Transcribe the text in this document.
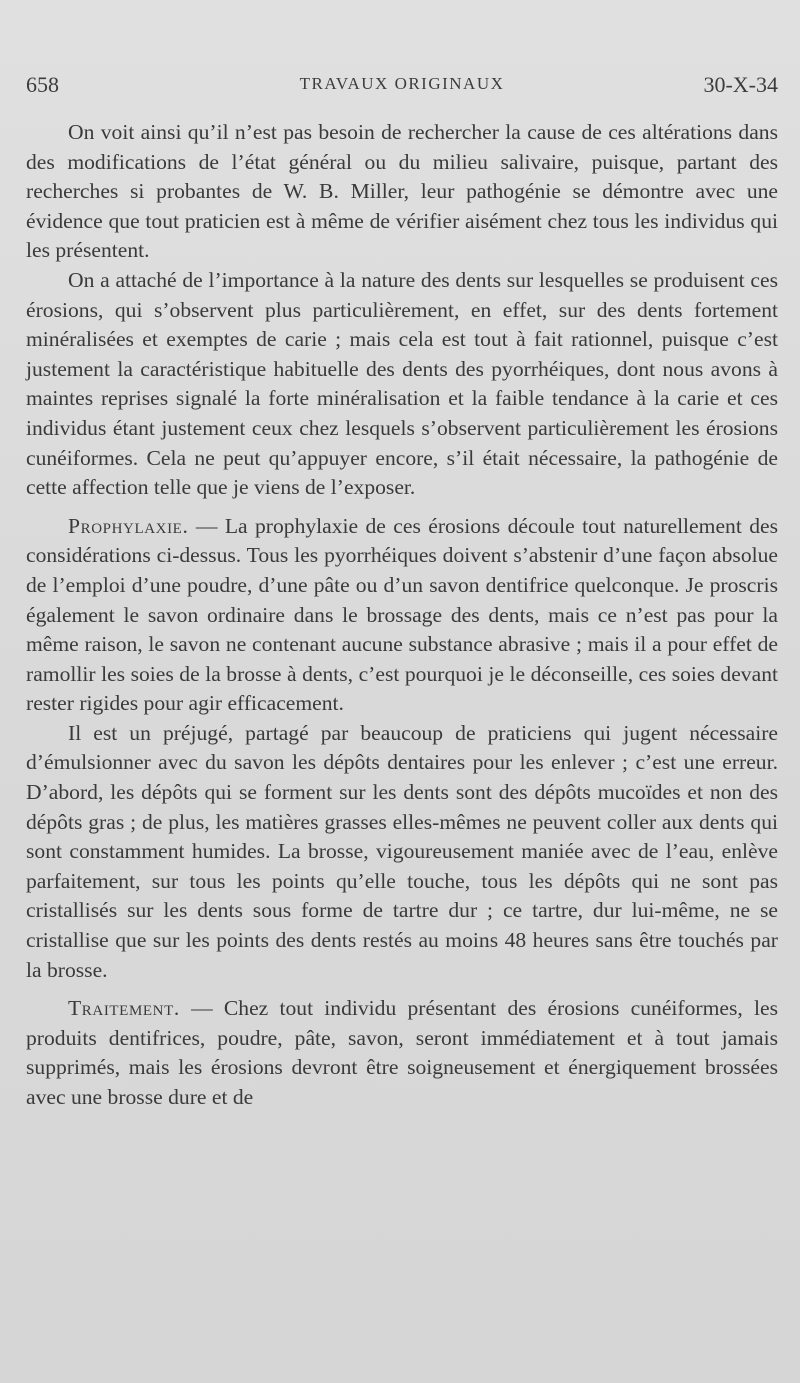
658	TRAVAUX ORIGINAUX	30-X-34

On voit ainsi qu’il n’est pas besoin de rechercher la cause de ces altérations dans des modifications de l’état général ou du milieu salivaire, puisque, partant des recherches si probantes de W. B. Miller, leur pathogénie se démontre avec une évidence que tout praticien est à même de vérifier aisément chez tous les individus qui les présentent.

On a attaché de l’importance à la nature des dents sur lesquelles se produisent ces érosions, qui s’observent plus particulièrement, en effet, sur des dents fortement minéralisées et exemptes de carie ; mais cela est tout à fait rationnel, puisque c’est justement la caractéristique habituelle des dents des pyorrhéiques, dont nous avons à maintes reprises signalé la forte minéralisation et la faible tendance à la carie et ces individus étant justement ceux chez lesquels s’observent particulièrement les érosions cunéiformes. Cela ne peut qu’appuyer encore, s’il était nécessaire, la pathogénie de cette affection telle que je viens de l’exposer.

Prophylaxie. — La prophylaxie de ces érosions découle tout naturellement des considérations ci-dessus. Tous les pyorrhéiques doivent s’abstenir d’une façon absolue de l’emploi d’une poudre, d’une pâte ou d’un savon dentifrice quelconque. Je proscris également le savon ordinaire dans le brossage des dents, mais ce n’est pas pour la même raison, le savon ne contenant aucune substance abrasive ; mais il a pour effet de ramollir les soies de la brosse à dents, c’est pourquoi je le déconseille, ces soies devant rester rigides pour agir efficacement.

Il est un préjugé, partagé par beaucoup de praticiens qui jugent nécessaire d’émulsionner avec du savon les dépôts dentaires pour les enlever ; c’est une erreur. D’abord, les dépôts qui se forment sur les dents sont des dépôts mucoïdes et non des dépôts gras ; de plus, les matières grasses elles-mêmes ne peuvent coller aux dents qui sont constamment humides. La brosse, vigoureusement maniée avec de l’eau, enlève parfaitement, sur tous les points qu’elle touche, tous les dépôts qui ne sont pas cristallisés sur les dents sous forme de tartre dur ; ce tartre, dur lui-même, ne se cristallise que sur les points des dents restés au moins 48 heures sans être touchés par la brosse.

Traitement. — Chez tout individu présentant des érosions cunéiformes, les produits dentifrices, poudre, pâte, savon, seront immédiatement et à tout jamais supprimés, mais les érosions devront être soigneusement et énergiquement brossées avec une brosse dure et de
